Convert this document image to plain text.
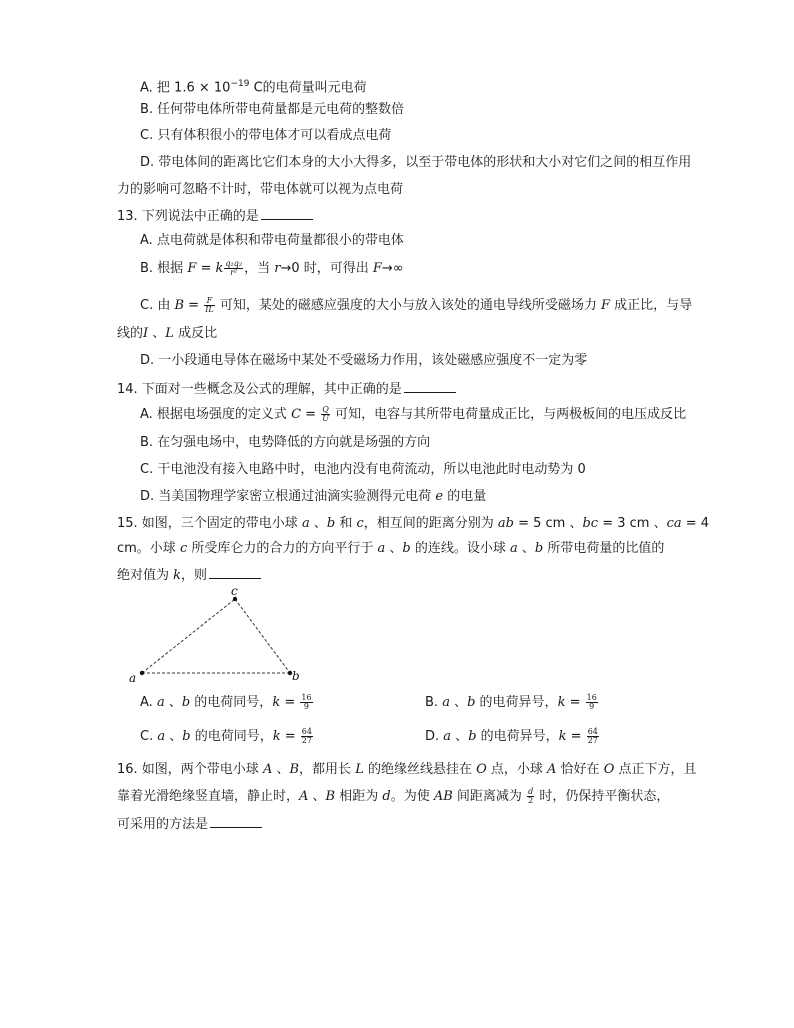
A. 把 $1.6 \times 10^{-19}$ C的电荷量叫元电荷
B. 任何带电体所带电荷量都是元电荷的整数倍
C. 只有体积很小的带电体才可以看成点电荷
D. 带电体间的距离比它们本身的大小大得多，以至于带电体的形状和大小对它们之间的相互作用
力的影响可忽略不计时，带电体就可以视为点电荷
13. 下列说法中正确的是
A. 点电荷就是体积和带电荷量都很小的带电体
B. 根据 F = k $\frac{\text{q₁q₂}}{\text{r²}}$ ，当 r→0 时，可得出 F→∞
C. 由 $B = \frac{F}{IL}$ 可知，某处的磁感应强度的大小与放入该处的通电导线所受磁场力 F 成正比，与导
线的I 、L 成反比
D. 一小段通电导体在磁场中某处不受磁场力作用，该处磁感应强度不一定为零
14. 下面对一些概念及公式的理解，其中正确的是
A. 根据电场强度的定义式 $C = \frac{Q}{U}$ 可知，电容与其所带电荷量成正比，与两极板间的电压成反比
B. 在匀强电场中，电势降低的方向就是场强的方向
C. 干电池没有接入电路中时，电池内没有电荷流动，所以电池此时电动势为 0
D. 当美国物理学家密立根通过油滴实验测得元电荷 e 的电量
15. 如图，三个固定的带电小球 a 、b 和 c，相互间的距离分别为 ab = 5 cm 、bc = 3 cm 、ca = 4
cm。小球 c 所受库仑力的合力的方向平行于 a 、b 的连线。设小球 a 、b 所带电荷量的比值的
绝对值为 k，则
a	b
c
A. a 、b 的电荷同号，$k = \frac{16}{9}$	B. a 、b 的电荷异号，$k = \frac{16}{9}$
C. a 、b 的电荷同号，$k = \frac{64}{27}$	D. a 、b 的电荷异号，$k = \frac{64}{27}$
16. 如图，两个带电小球 A 、B，都用长 L 的绝缘丝线悬挂在 O 点，小球 A 恰好在 O 点正下方，且
靠着光滑绝缘竖直墙，静止时，A 、B 相距为 d。为使 AB 间距离减为 $\frac{d}{2}$ 时，仍保持平衡状态，
可采用的方法是
